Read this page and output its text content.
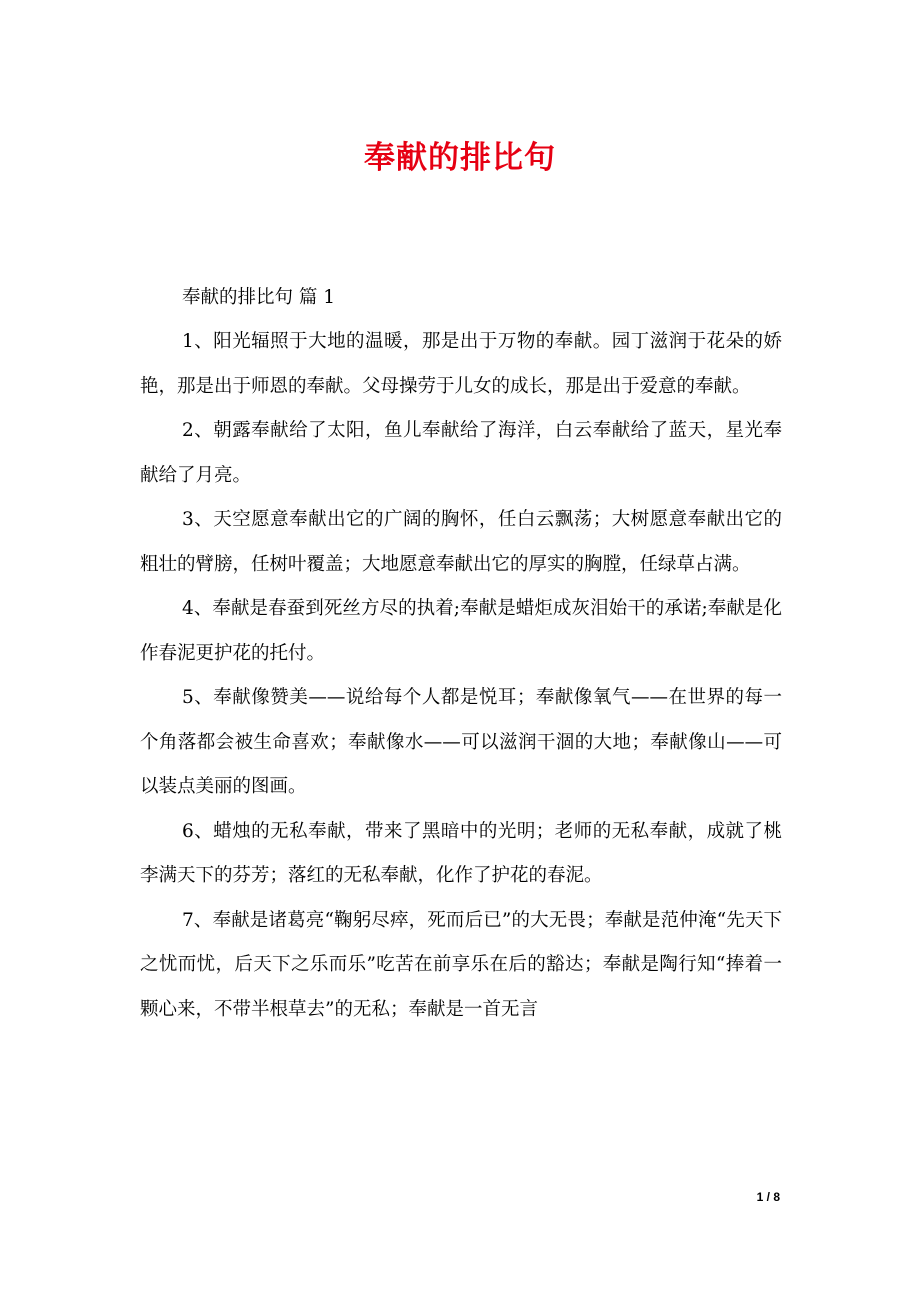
奉献的排比句

奉献的排比句 篇 1

1、阳光辐照于大地的温暖，那是出于万物的奉献。园丁滋润于花朵的娇艳，那是出于师恩的奉献。父母操劳于儿女的成长，那是出于爱意的奉献。

2、朝露奉献给了太阳，鱼儿奉献给了海洋，白云奉献给了蓝天，星光奉献给了月亮。

3、天空愿意奉献出它的广阔的胸怀，任白云飘荡；大树愿意奉献出它的粗壮的臂膀，任树叶覆盖；大地愿意奉献出它的厚实的胸膛，任绿草占满。

4、奉献是春蚕到死丝方尽的执着;奉献是蜡炬成灰泪始干的承诺;奉献是化作春泥更护花的托付。

5、奉献像赞美——说给每个人都是悦耳；奉献像氧气——在世界的每一个角落都会被生命喜欢；奉献像水——可以滋润干涸的大地；奉献像山——可以装点美丽的图画。

6、蜡烛的无私奉献，带来了黑暗中的光明；老师的无私奉献，成就了桃李满天下的芬芳；落红的无私奉献，化作了护花的春泥。

7、奉献是诸葛亮“鞠躬尽瘁，死而后已”的大无畏；奉献是范仲淹“先天下之忧而忧，后天下之乐而乐”吃苦在前享乐在后的豁达；奉献是陶行知“捧着一颗心来，不带半根草去”的无私；奉献是一首无言

1 / 8
